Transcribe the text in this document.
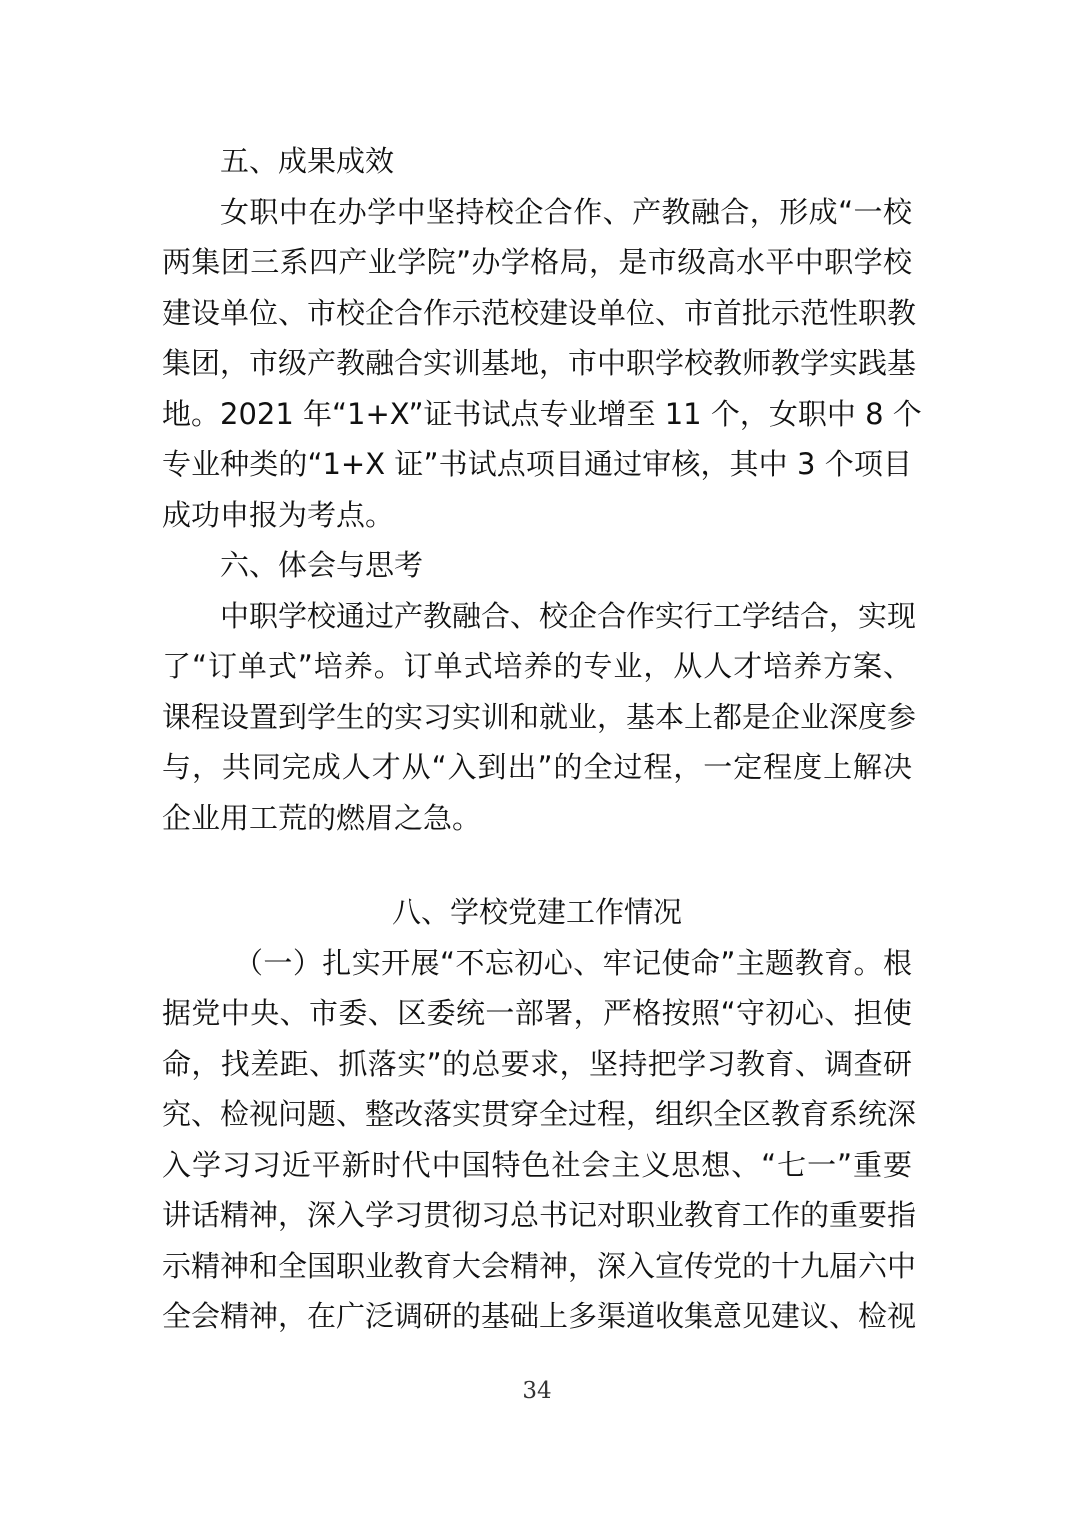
五、成果成效
女职中在办学中坚持校企合作、产教融合，形成“一校
两集团三系四产业学院”办学格局，是市级高水平中职学校
建设单位、市校企合作示范校建设单位、市首批示范性职教
集团，市级产教融合实训基地，市中职学校教师教学实践基
地。2021 年“1+X”证书试点专业增至 11 个，女职中 8 个
专业种类的“1+X 证”书试点项目通过审核，其中 3 个项目
成功申报为考点。
六、体会与思考
中职学校通过产教融合、校企合作实行工学结合，实现
了“订单式”培养。订单式培养的专业，从人才培养方案、
课程设置到学生的实习实训和就业，基本上都是企业深度参
与，共同完成人才从“入到出”的全过程，一定程度上解决
企业用工荒的燃眉之急。
八、学校党建工作情况
（一）扎实开展“不忘初心、牢记使命”主题教育。根
据党中央、市委、区委统一部署，严格按照“守初心、担使
命，找差距、抓落实”的总要求，坚持把学习教育、调查研
究、检视问题、整改落实贯穿全过程，组织全区教育系统深
入学习习近平新时代中国特色社会主义思想、“七一”重要
讲话精神，深入学习贯彻习总书记对职业教育工作的重要指
示精神和全国职业教育大会精神，深入宣传党的十九届六中
全会精神，在广泛调研的基础上多渠道收集意见建议、检视
34
